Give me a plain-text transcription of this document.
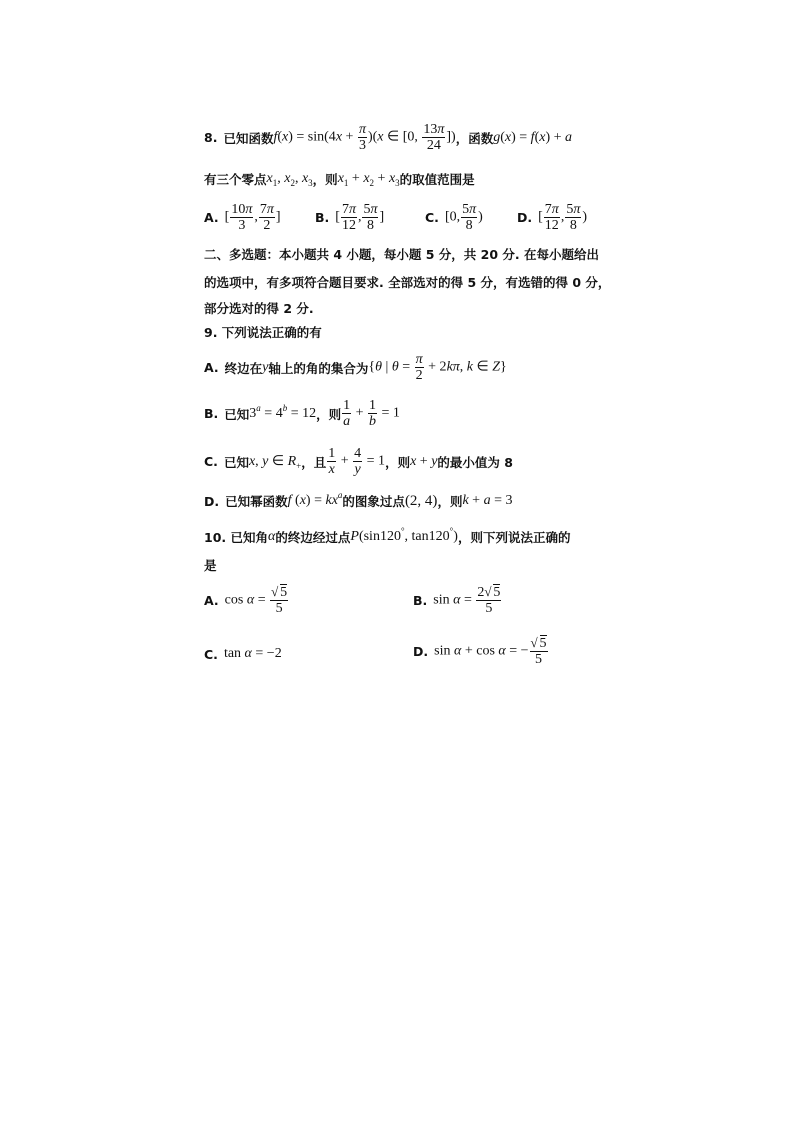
8. 已知函数 $f(x) = \sin(4x + \frac{\pi}{3} )(x$ ∈ [0, $\frac{13\pi}{24}$ ]) ，函数 g(x) = f(x) + a
有三个零点 $x_1$, $x_2$, $x_3$ ，则 $x_1 + x_2 + x_3$ 的取值范围是
A. [ $\frac{10\pi}{3}$ , $\frac{7\pi}{2}$ ]	B. [ $\frac{7\pi}{12}$ , $\frac{5\pi}{8}$ ]	C. [0, $\frac{5\pi}{8}$ )	D. [ $\frac{7\pi}{12}$ , $\frac{5\pi}{8}$ )
二、多选题：本小题共 4 小题，每小题 5 分，共 20 分. 在每小题给出
的选项中，有多项符合题目要求. 全部选对的得 5 分，有选错的得 0 分，
部分选对的得 2 分.
9. 下列说法正确的有
A. 终边在 y 轴上的角的集合为 {θ | $\theta = \frac{\pi}{2} + 2k\pi$, k ∈ Z}
B. 已知 $3^a = 4^b = 12$ ，则 $\frac{1}{a} + \frac{1}{b} = 1$
C. 已知 x, y ∈ $R_+$ ，且 $\frac{1}{x} + \frac{4}{y} = 1$ ，则 x + y 的最小值为 8
D. 已知幂函数 f $(x) = kx^a$ 的图象过点 (2, 4) ，则 k + a = 3
10. 已知角 α 的终边经过点 P(sin120°, tan120°) ，则下列说法正确的
是
A. cos α = √ $\frac{5}{5}$	B. $\sin \alpha = \frac{2 √ 5}{5}$
C. tan α = −2	D. sin α + cos α = − √ $\frac{5}{5}$
